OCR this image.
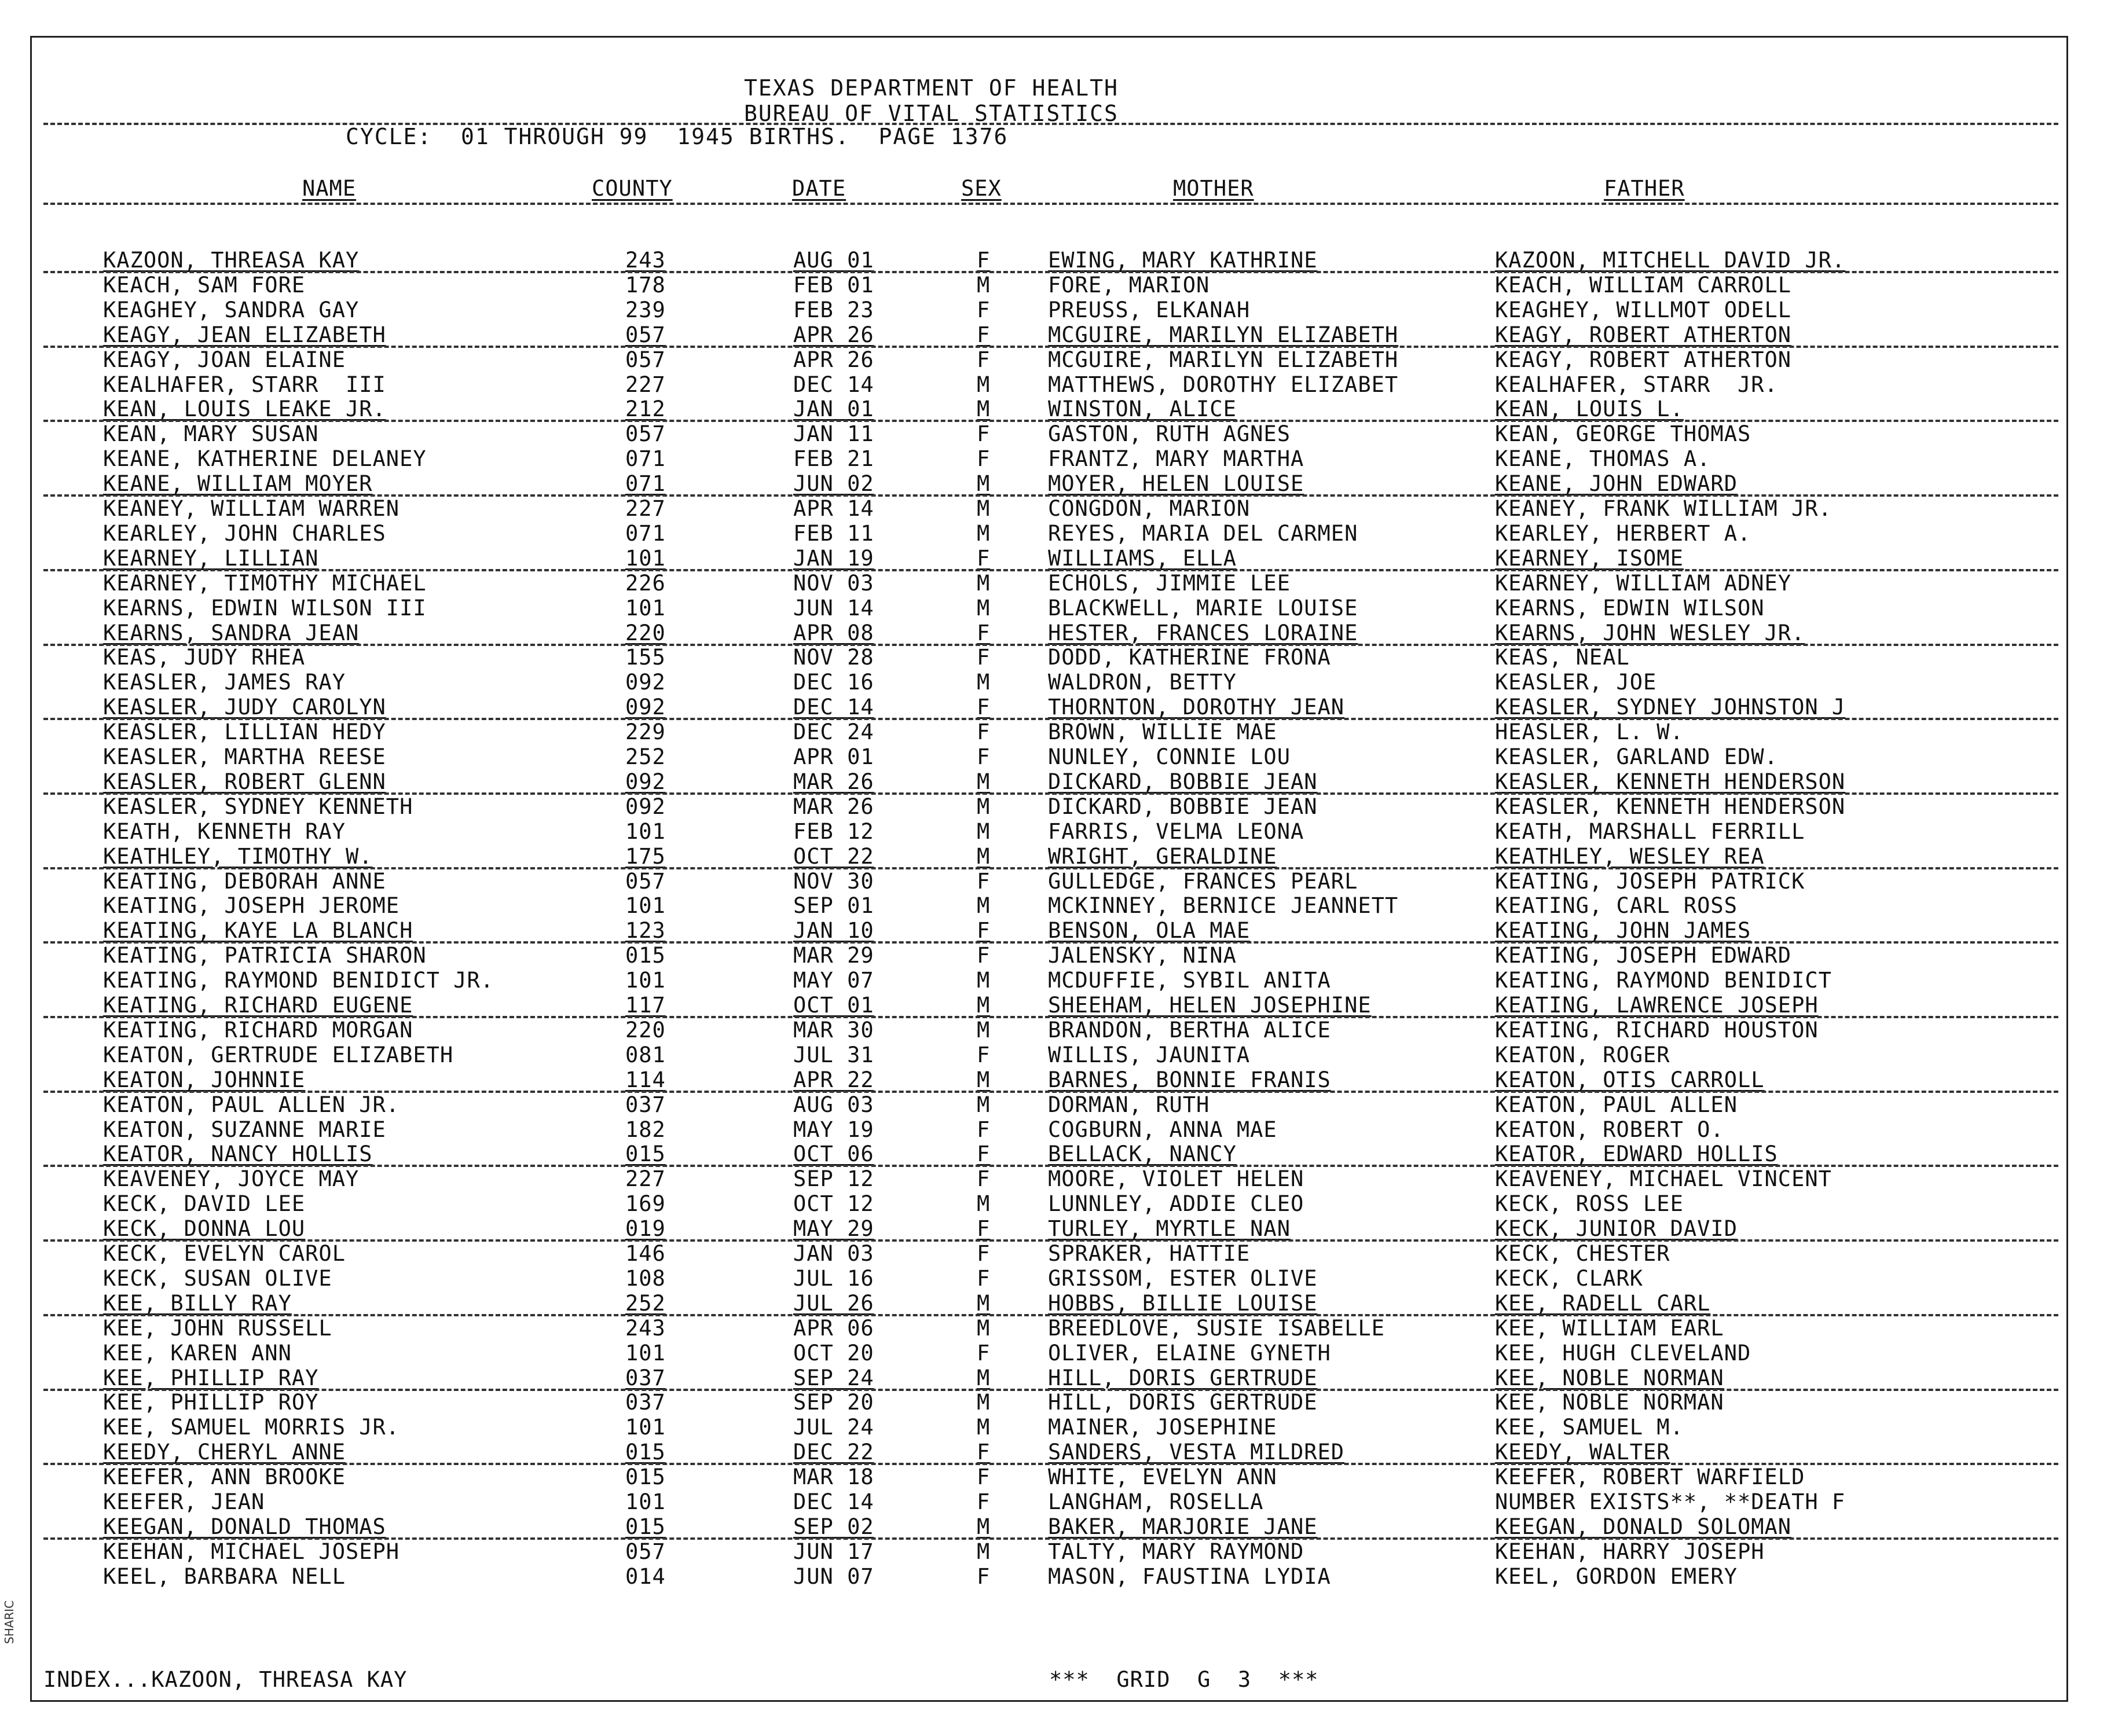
TEXAS DEPARTMENT OF HEALTH
BUREAU OF VITAL STATISTICS
CYCLE:  01 THROUGH 99  1945 BIRTHS.  PAGE 1376
NAME	COUNTY	DATE	SEX	MOTHER	FATHER
KAZOON, THREASA KAY	243	AUG 01	F	EWING, MARY KATHRINE	KAZOON, MITCHELL DAVID JR.
KEACH, SAM FORE	178	FEB 01	M	FORE, MARION	KEACH, WILLIAM CARROLL
KEAGHEY, SANDRA GAY	239	FEB 23	F	PREUSS, ELKANAH	KEAGHEY, WILLMOT ODELL
KEAGY, JEAN ELIZABETH	057	APR 26	F	MCGUIRE, MARILYN ELIZABETH	KEAGY, ROBERT ATHERTON
KEAGY, JOAN ELAINE	057	APR 26	F	MCGUIRE, MARILYN ELIZABETH	KEAGY, ROBERT ATHERTON
KEALHAFER, STARR  III	227	DEC 14	M	MATTHEWS, DOROTHY ELIZABET	KEALHAFER, STARR  JR.
KEAN, LOUIS LEAKE JR.	212	JAN 01	M	WINSTON, ALICE	KEAN, LOUIS L.
KEAN, MARY SUSAN	057	JAN 11	F	GASTON, RUTH AGNES	KEAN, GEORGE THOMAS
KEANE, KATHERINE DELANEY	071	FEB 21	F	FRANTZ, MARY MARTHA	KEANE, THOMAS A.
KEANE, WILLIAM MOYER	071	JUN 02	M	MOYER, HELEN LOUISE	KEANE, JOHN EDWARD
KEANEY, WILLIAM WARREN	227	APR 14	M	CONGDON, MARION	KEANEY, FRANK WILLIAM JR.
KEARLEY, JOHN CHARLES	071	FEB 11	M	REYES, MARIA DEL CARMEN	KEARLEY, HERBERT A.
KEARNEY, LILLIAN	101	JAN 19	F	WILLIAMS, ELLA	KEARNEY, ISOME
KEARNEY, TIMOTHY MICHAEL	226	NOV 03	M	ECHOLS, JIMMIE LEE	KEARNEY, WILLIAM ADNEY
KEARNS, EDWIN WILSON III	101	JUN 14	M	BLACKWELL, MARIE LOUISE	KEARNS, EDWIN WILSON
KEARNS, SANDRA JEAN	220	APR 08	F	HESTER, FRANCES LORAINE	KEARNS, JOHN WESLEY JR.
KEAS, JUDY RHEA	155	NOV 28	F	DODD, KATHERINE FRONA	KEAS, NEAL
KEASLER, JAMES RAY	092	DEC 16	M	WALDRON, BETTY	KEASLER, JOE
KEASLER, JUDY CAROLYN	092	DEC 14	F	THORNTON, DOROTHY JEAN	KEASLER, SYDNEY JOHNSTON J
KEASLER, LILLIAN HEDY	229	DEC 24	F	BROWN, WILLIE MAE	HEASLER, L. W.
KEASLER, MARTHA REESE	252	APR 01	F	NUNLEY, CONNIE LOU	KEASLER, GARLAND EDW.
KEASLER, ROBERT GLENN	092	MAR 26	M	DICKARD, BOBBIE JEAN	KEASLER, KENNETH HENDERSON
KEASLER, SYDNEY KENNETH	092	MAR 26	M	DICKARD, BOBBIE JEAN	KEASLER, KENNETH HENDERSON
KEATH, KENNETH RAY	101	FEB 12	M	FARRIS, VELMA LEONA	KEATH, MARSHALL FERRILL
KEATHLEY, TIMOTHY W.	175	OCT 22	M	WRIGHT, GERALDINE	KEATHLEY, WESLEY REA
KEATING, DEBORAH ANNE	057	NOV 30	F	GULLEDGE, FRANCES PEARL	KEATING, JOSEPH PATRICK
KEATING, JOSEPH JEROME	101	SEP 01	M	MCKINNEY, BERNICE JEANNETT	KEATING, CARL ROSS
KEATING, KAYE LA BLANCH	123	JAN 10	F	BENSON, OLA MAE	KEATING, JOHN JAMES
KEATING, PATRICIA SHARON	015	MAR 29	F	JALENSKY, NINA	KEATING, JOSEPH EDWARD
KEATING, RAYMOND BENIDICT JR.	101	MAY 07	M	MCDUFFIE, SYBIL ANITA	KEATING, RAYMOND BENIDICT
KEATING, RICHARD EUGENE	117	OCT 01	M	SHEEHAM, HELEN JOSEPHINE	KEATING, LAWRENCE JOSEPH
KEATING, RICHARD MORGAN	220	MAR 30	M	BRANDON, BERTHA ALICE	KEATING, RICHARD HOUSTON
KEATON, GERTRUDE ELIZABETH	081	JUL 31	F	WILLIS, JAUNITA	KEATON, ROGER
KEATON, JOHNNIE	114	APR 22	M	BARNES, BONNIE FRANIS	KEATON, OTIS CARROLL
KEATON, PAUL ALLEN JR.	037	AUG 03	M	DORMAN, RUTH	KEATON, PAUL ALLEN
KEATON, SUZANNE MARIE	182	MAY 19	F	COGBURN, ANNA MAE	KEATON, ROBERT O.
KEATOR, NANCY HOLLIS	015	OCT 06	F	BELLACK, NANCY	KEATOR, EDWARD HOLLIS
KEAVENEY, JOYCE MAY	227	SEP 12	F	MOORE, VIOLET HELEN	KEAVENEY, MICHAEL VINCENT
KECK, DAVID LEE	169	OCT 12	M	LUNNLEY, ADDIE CLEO	KECK, ROSS LEE
KECK, DONNA LOU	019	MAY 29	F	TURLEY, MYRTLE NAN	KECK, JUNIOR DAVID
KECK, EVELYN CAROL	146	JAN 03	F	SPRAKER, HATTIE	KECK, CHESTER
KECK, SUSAN OLIVE	108	JUL 16	F	GRISSOM, ESTER OLIVE	KECK, CLARK
KEE, BILLY RAY	252	JUL 26	M	HOBBS, BILLIE LOUISE	KEE, RADELL CARL
KEE, JOHN RUSSELL	243	APR 06	M	BREEDLOVE, SUSIE ISABELLE	KEE, WILLIAM EARL
KEE, KAREN ANN	101	OCT 20	F	OLIVER, ELAINE GYNETH	KEE, HUGH CLEVELAND
KEE, PHILLIP RAY	037	SEP 24	M	HILL, DORIS GERTRUDE	KEE, NOBLE NORMAN
KEE, PHILLIP ROY	037	SEP 20	M	HILL, DORIS GERTRUDE	KEE, NOBLE NORMAN
KEE, SAMUEL MORRIS JR.	101	JUL 24	M	MAINER, JOSEPHINE	KEE, SAMUEL M.
KEEDY, CHERYL ANNE	015	DEC 22	F	SANDERS, VESTA MILDRED	KEEDY, WALTER
KEEFER, ANN BROOKE	015	MAR 18	F	WHITE, EVELYN ANN	KEEFER, ROBERT WARFIELD
KEEFER, JEAN	101	DEC 14	F	LANGHAM, ROSELLA	NUMBER EXISTS**, **DEATH F
KEEGAN, DONALD THOMAS	015	SEP 02	M	BAKER, MARJORIE JANE	KEEGAN, DONALD SOLOMAN
KEEHAN, MICHAEL JOSEPH	057	JUN 17	M	TALTY, MARY RAYMOND	KEEHAN, HARRY JOSEPH
KEEL, BARBARA NELL	014	JUN 07	F	MASON, FAUSTINA LYDIA	KEEL, GORDON EMERY
INDEX...KAZOON, THREASA KAY	***  GRID  G  3  ***
SHARIC
